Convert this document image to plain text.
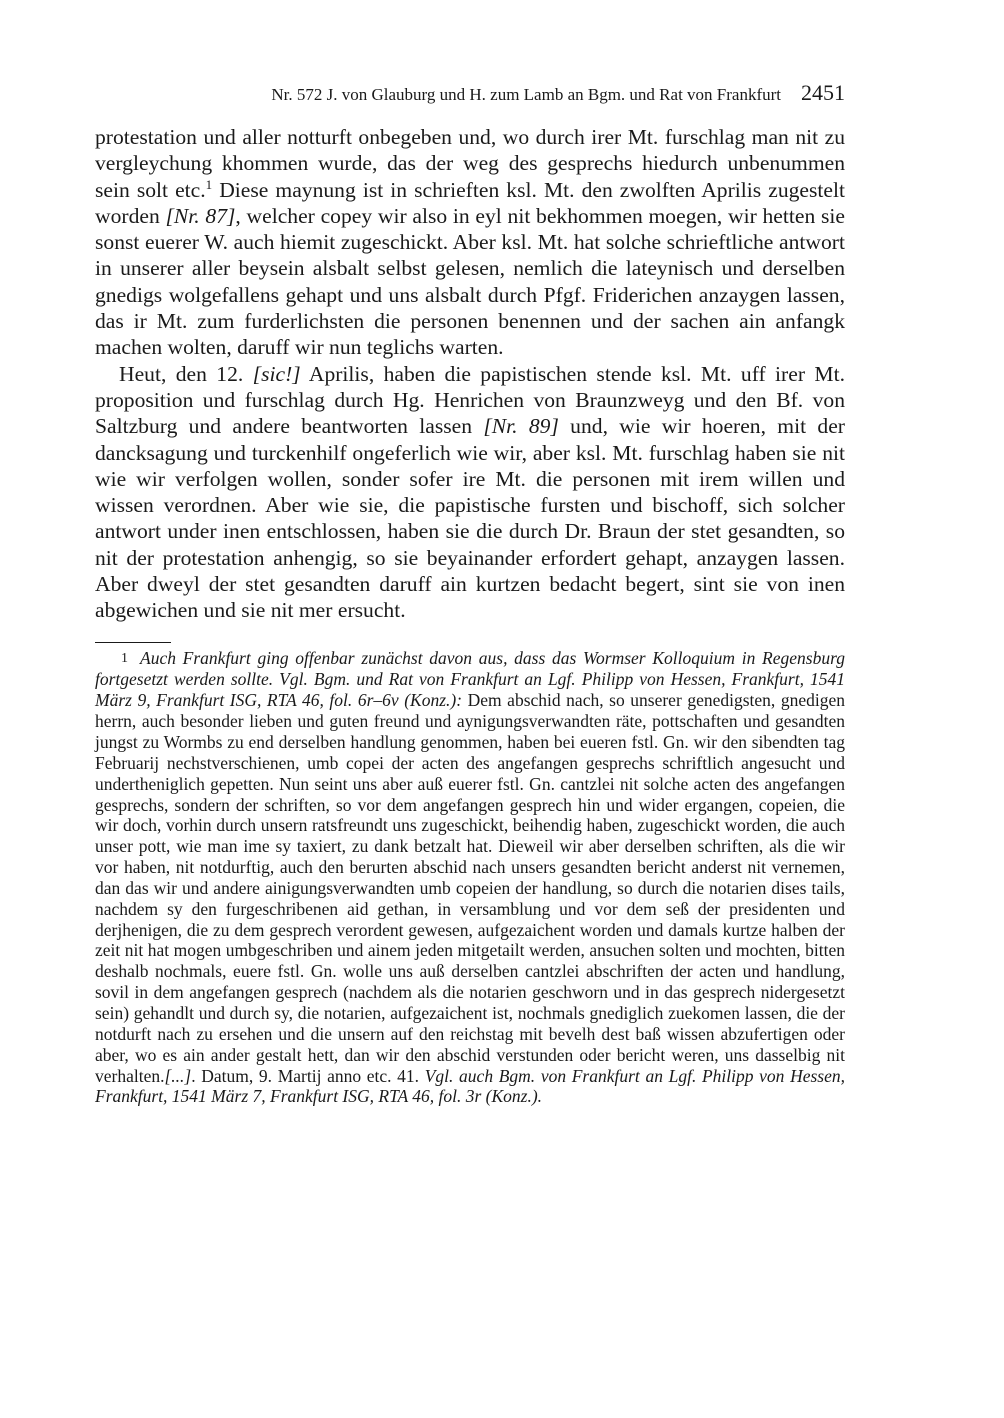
Nr. 572 J. von Glauburg und H. zum Lamb an Bgm. und Rat von Frankfurt 2451

protestation und aller notturft onbegeben und, wo durch irer Mt. furschlag man nit zu vergleychung khommen wurde, das der weg des gesprechs hiedurch unbenummen sein solt etc.$^1$ Diese maynung ist in schrieften ksl. Mt. den zwolften Aprilis zugestelt worden [Nr. 87], welcher copey wir also in eyl nit bekhommen moegen, wir hetten sie sonst euerer W. auch hiemit zugeschickt. Aber ksl. Mt. hat solche schrieftliche antwort in unserer aller beysein alsbalt selbst gelesen, nemlich die lateynisch und derselben gnedigs wolgefallens gehapt und uns alsbalt durch Pfgf. Friderichen anzaygen lassen, das ir Mt. zum furderlichsten die personen benennen und der sachen ain anfangk machen wolten, daruff wir nun teglichs warten.

Heut, den 12. [sic!] Aprilis, haben die papistischen stende ksl. Mt. uff irer Mt. proposition und furschlag durch Hg. Henrichen von Braunzweyg und den Bf. von Saltzburg und andere beantworten lassen [Nr. 89] und, wie wir hoeren, mit der dancksagung und turckenhilf ongeferlich wie wir, aber ksl. Mt. furschlag haben sie nit wie wir verfolgen wollen, sonder sofer ire Mt. die personen mit irem willen und wissen verordnen. Aber wie sie, die papistische fursten und bischoff, sich solcher antwort under inen entschlossen, haben sie die durch Dr. Braun der stet gesandten, so nit der protestation anhengig, so sie beyainander erfordert gehapt, anzaygen lassen. Aber dweyl der stet gesandten daruff ain kurtzen bedacht begert, sint sie von inen abgewichen und sie nit mer ersucht.

1 Auch Frankfurt ging offenbar zunächst davon aus, dass das Wormser Kolloquium in Regensburg fortgesetzt werden sollte. Vgl. Bgm. und Rat von Frankfurt an Lgf. Philipp von Hessen, Frankfurt, 1541 März 9, Frankfurt ISG, RTA 46, fol. 6r–6v (Konz.): Dem abschid nach, so unserer genedigsten, gnedigen herrn, auch besonder lieben und guten freund und aynigungsverwandten räte, pottschaften und gesandten jungst zu Wormbs zu end derselben handlung genommen, haben bei eueren fstl. Gn. wir den sibendten tag Februarij nechstverschienen, umb copei der acten des angefangen gesprechs schriftlich angesucht und undertheniglich gepetten. Nun seint uns aber auß euerer fstl. Gn. cantzlei nit solche acten des angefangen gesprechs, sondern der schriften, so vor dem angefangen gesprech hin und wider ergangen, copeien, die wir doch, vorhin durch unsern ratsfreundt uns zugeschickt, beihendig haben, zugeschickt worden, die auch unser pott, wie man ime sy taxiert, zu dank betzalt hat. Dieweil wir aber derselben schriften, als die wir vor haben, nit notdurftig, auch den berurten abschid nach unsers gesandten bericht anderst nit vernemen, dan das wir und andere ainigungsverwandten umb copeien der handlung, so durch die notarien dises tails, nachdem sy den furgeschribenen aid gethan, in versamblung und vor dem seß der presidenten und derjhenigen, die zu dem gesprech verordent gewesen, aufgezaichent worden und damals kurtze halben der zeit nit hat mogen umbgeschriben und ainem jeden mitgetailt werden, ansuchen solten und mochten, bitten deshalb nochmals, euere fstl. Gn. wolle uns auß derselben cantzlei abschriften der acten und handlung, sovil in dem angefangen gesprech (nachdem als die notarien geschworn und in das gesprech nidergesetzt sein) gehandlt und durch sy, die notarien, aufgezaichent ist, nochmals gnediglich zuekomen lassen, die der notdurft nach zu ersehen und die unsern auf den reichstag mit bevelh dest baß wissen abzufertigen oder aber, wo es ain ander gestalt hett, dan wir den abschid verstunden oder bericht weren, uns dasselbig nit verhalten.[...]. Datum, 9. Martij anno etc. 41. Vgl. auch Bgm. von Frankfurt an Lgf. Philipp von Hessen, Frankfurt, 1541 März 7, Frankfurt ISG, RTA 46, fol. 3r (Konz.).
